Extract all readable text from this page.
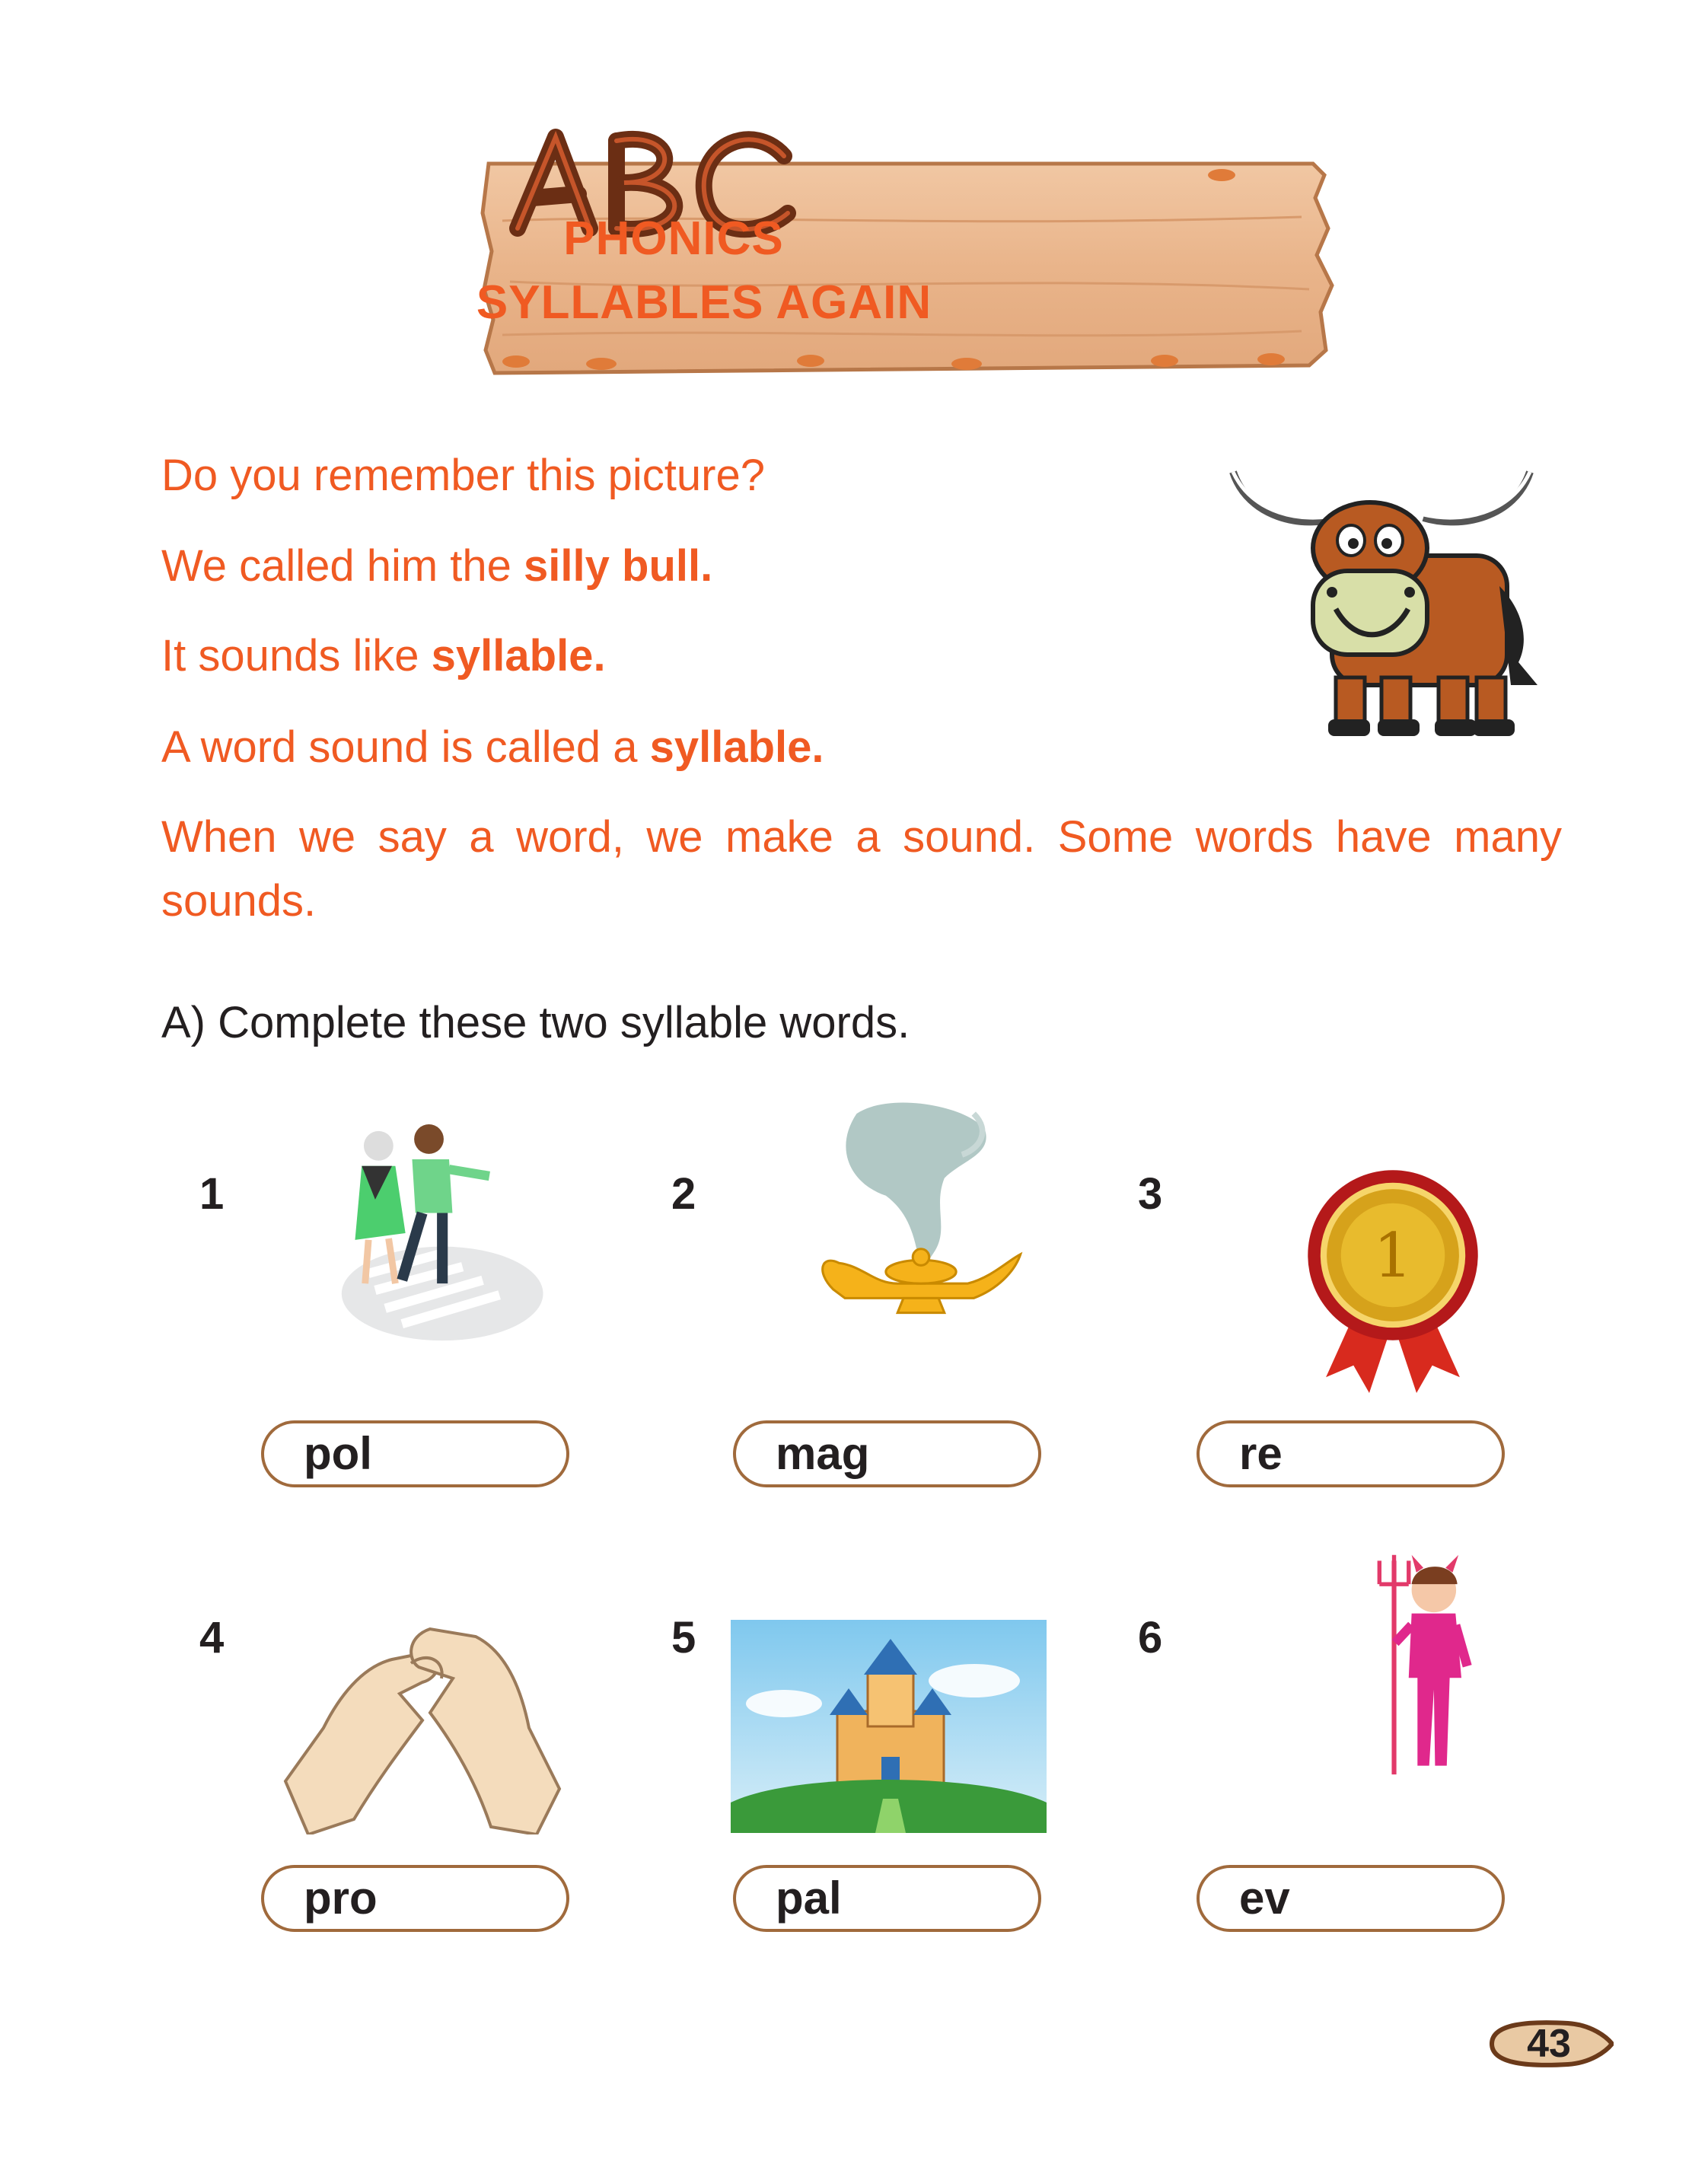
PHONICS
SYLLABLES AGAIN
Do you remember this picture?
We called him the silly bull.
It sounds like syllable.
A word sound is called a syllable.
When we say a word, we make a sound. Some words have many sounds.
A) Complete these two syllable words.
1
pol
2
mag
3
1
re
4
pro
5
pal
6
ev
43
